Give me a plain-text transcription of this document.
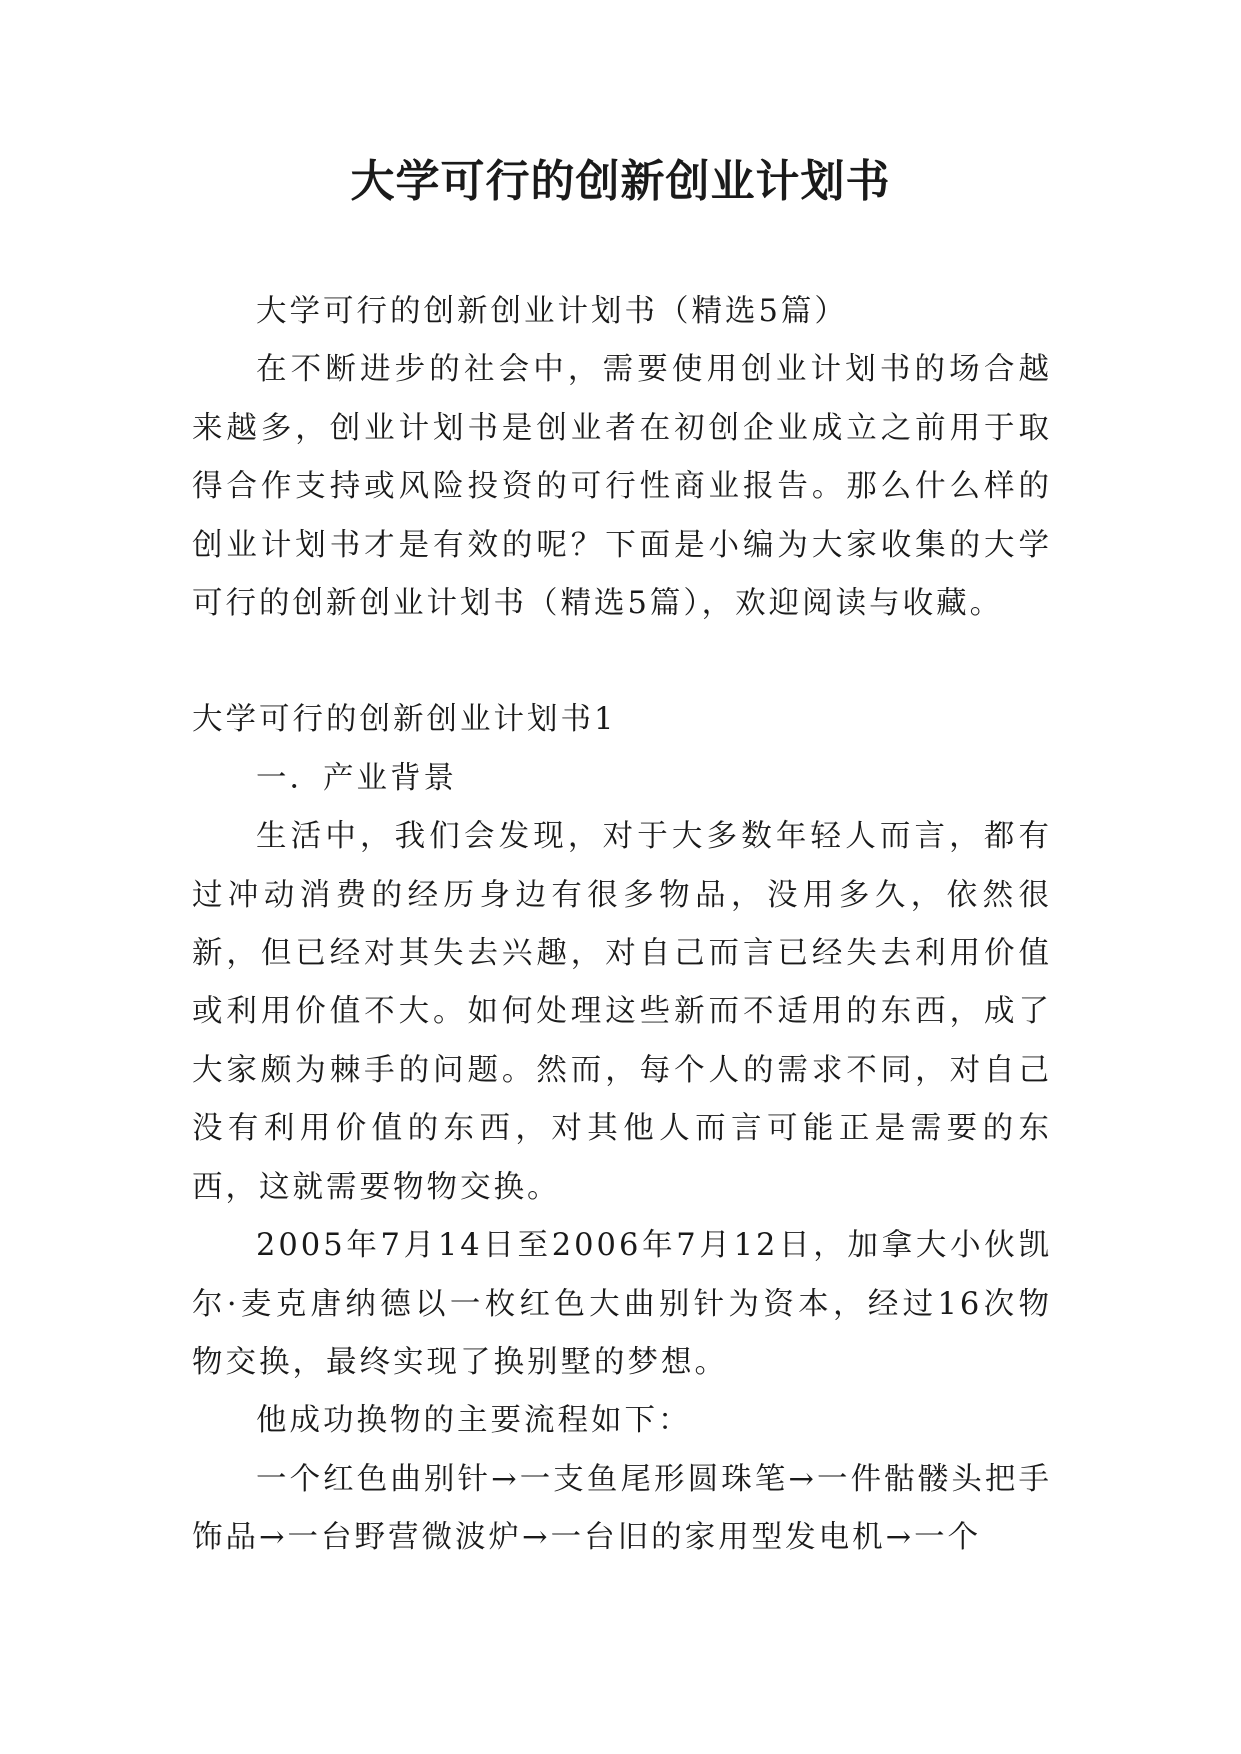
大学可行的创新创业计划书

大学可行的创新创业计划书（精选5篇）

在不断进步的社会中，需要使用创业计划书的场合越来越多，创业计划书是创业者在初创企业成立之前用于取得合作支持或风险投资的可行性商业报告。那么什么样的创业计划书才是有效的呢？下面是小编为大家收集的大学可行的创新创业计划书（精选5篇），欢迎阅读与收藏。

大学可行的创新创业计划书1

一．产业背景

生活中，我们会发现，对于大多数年轻人而言，都有过冲动消费的经历身边有很多物品，没用多久，依然很新，但已经对其失去兴趣，对自己而言已经失去利用价值或利用价值不大。如何处理这些新而不适用的东西，成了大家颇为棘手的问题。然而，每个人的需求不同，对自己没有利用价值的东西，对其他人而言可能正是需要的东西，这就需要物物交换。

2005年7月14日至2006年7月12日，加拿大小伙凯尔·麦克唐纳德以一枚红色大曲别针为资本，经过16次物物交换，最终实现了换别墅的梦想。

他成功换物的主要流程如下：

一个红色曲别针→一支鱼尾形圆珠笔→一件骷髅头把手饰品→一台野营微波炉→一台旧的家用型发电机→一个
